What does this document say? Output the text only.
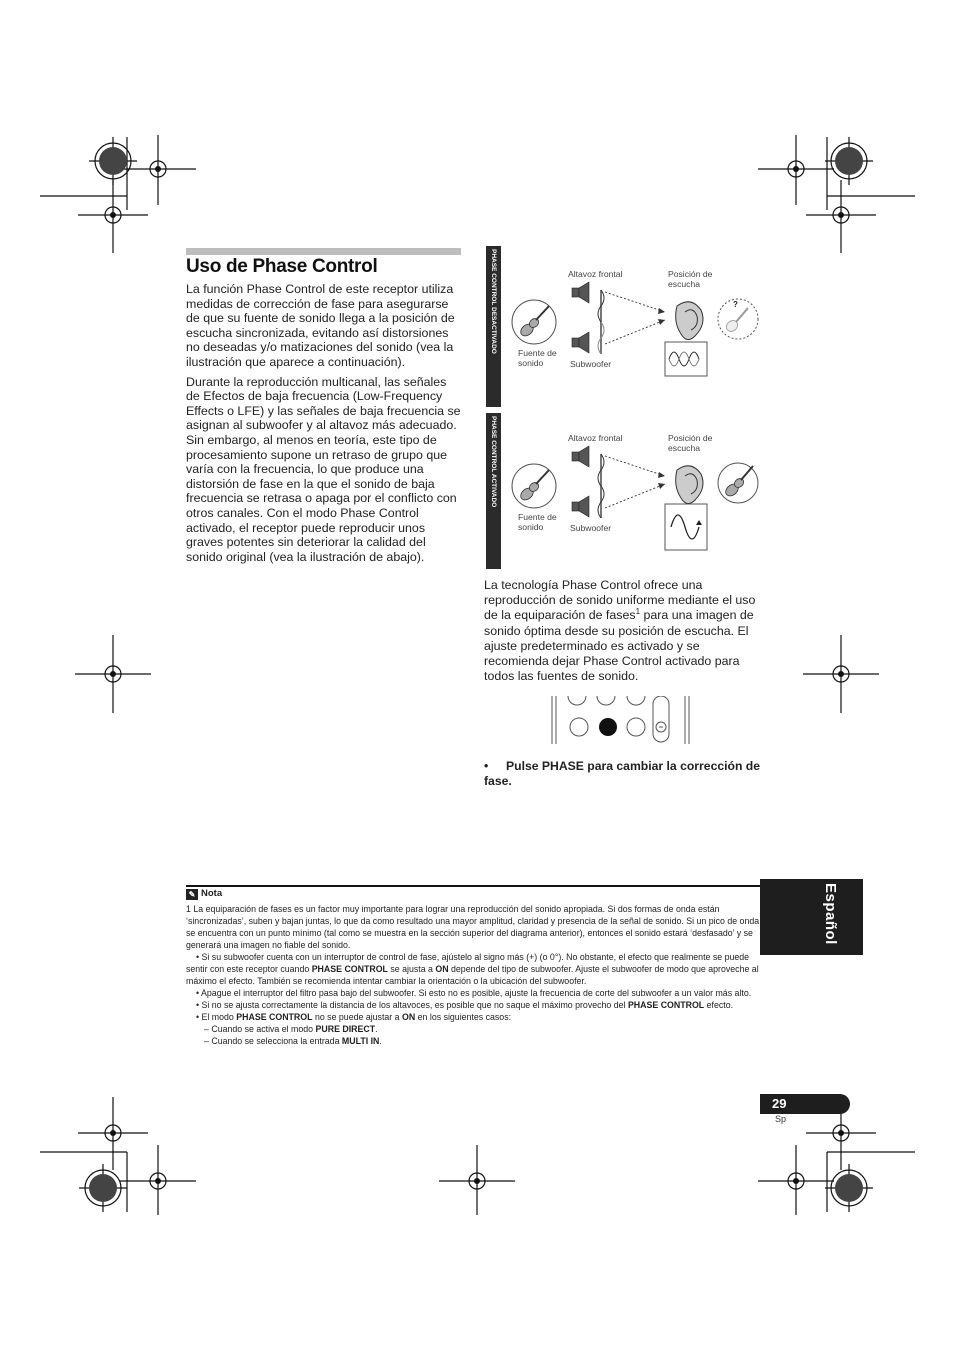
Uso de Phase Control

La función Phase Control de este receptor utiliza medidas de corrección de fase para asegurarse de que su fuente de sonido llega a la posición de escucha sincronizada, evitando así distorsiones no deseadas y/o matizaciones del sonido (vea la ilustración que aparece a continuación).

Durante la reproducción multicanal, las señales de Efectos de baja frecuencia (Low-Frequency Effects o LFE) y las señales de baja frecuencia se asignan al subwoofer y al altavoz más adecuado. Sin embargo, al menos en teoría, este tipo de procesamiento supone un retraso de grupo que varía con la frecuencia, lo que produce una distorsión de fase en la que el sonido de baja frecuencia se retrasa o apaga por el conflicto con otros canales. Con el modo Phase Control activado, el receptor puede reproducir unos graves potentes sin deteriorar la calidad del sonido original (vea la ilustración de abajo).

PHASE CONTROL DESACTIVADO	?
Altavoz frontal	Posición de escucha
Fuente de sonido	Subwoofer
PHASE CONTROL ACTIVADO	Altavoz frontal	Posición de escucha
Fuente de sonido	Subwoofer
La tecnología Phase Control ofrece una reproducción de sonido uniforme mediante el uso de la equiparación de fases$^1$ para una imagen de sonido óptima desde su posición de escucha. El ajuste predeterminado es activado y se recomienda dejar Phase Control activado para todos las fuentes de sonido.
• Pulse PHASE para cambiar la corrección de fase.
✎ Nota

1 La equiparación de fases es un factor muy importante para lograr una reproducción del sonido apropiada. Si dos formas de onda están ‘sincronizadas’, suben y bajan juntas, lo que da como resultado una mayor amplitud, claridad y presencia de la señal de sonido. Si un pico de onda se encuentra con un punto mínimo (tal como se muestra en la sección superior del diagrama anterior), entonces el sonido estará ‘desfasado’ y se generará una imagen no fiable del sonido.

• Si su subwoofer cuenta con un interruptor de control de fase, ajústelo al signo más (+) (o 0°). No obstante, el efecto que realmente se puede sentir con este receptor cuando PHASE CONTROL se ajusta a ON depende del tipo de subwoofer. Ajuste el subwoofer de modo que aproveche al máximo el efecto. También se recomienda intentar cambiar la orientación o la ubicación del subwoofer.

• Apague el interruptor del filtro pasa bajo del subwoofer. Si esto no es posible, ajuste la frecuencia de corte del subwoofer a un valor más alto.

• Si no se ajusta correctamente la distancia de los altavoces, es posible que no saque el máximo provecho del PHASE CONTROL efecto.

• El modo PHASE CONTROL no se puede ajustar a ON en los siguientes casos:

– Cuando se activa el modo PURE DIRECT.

– Cuando se selecciona la entrada MULTI IN.

Español
29
Sp
